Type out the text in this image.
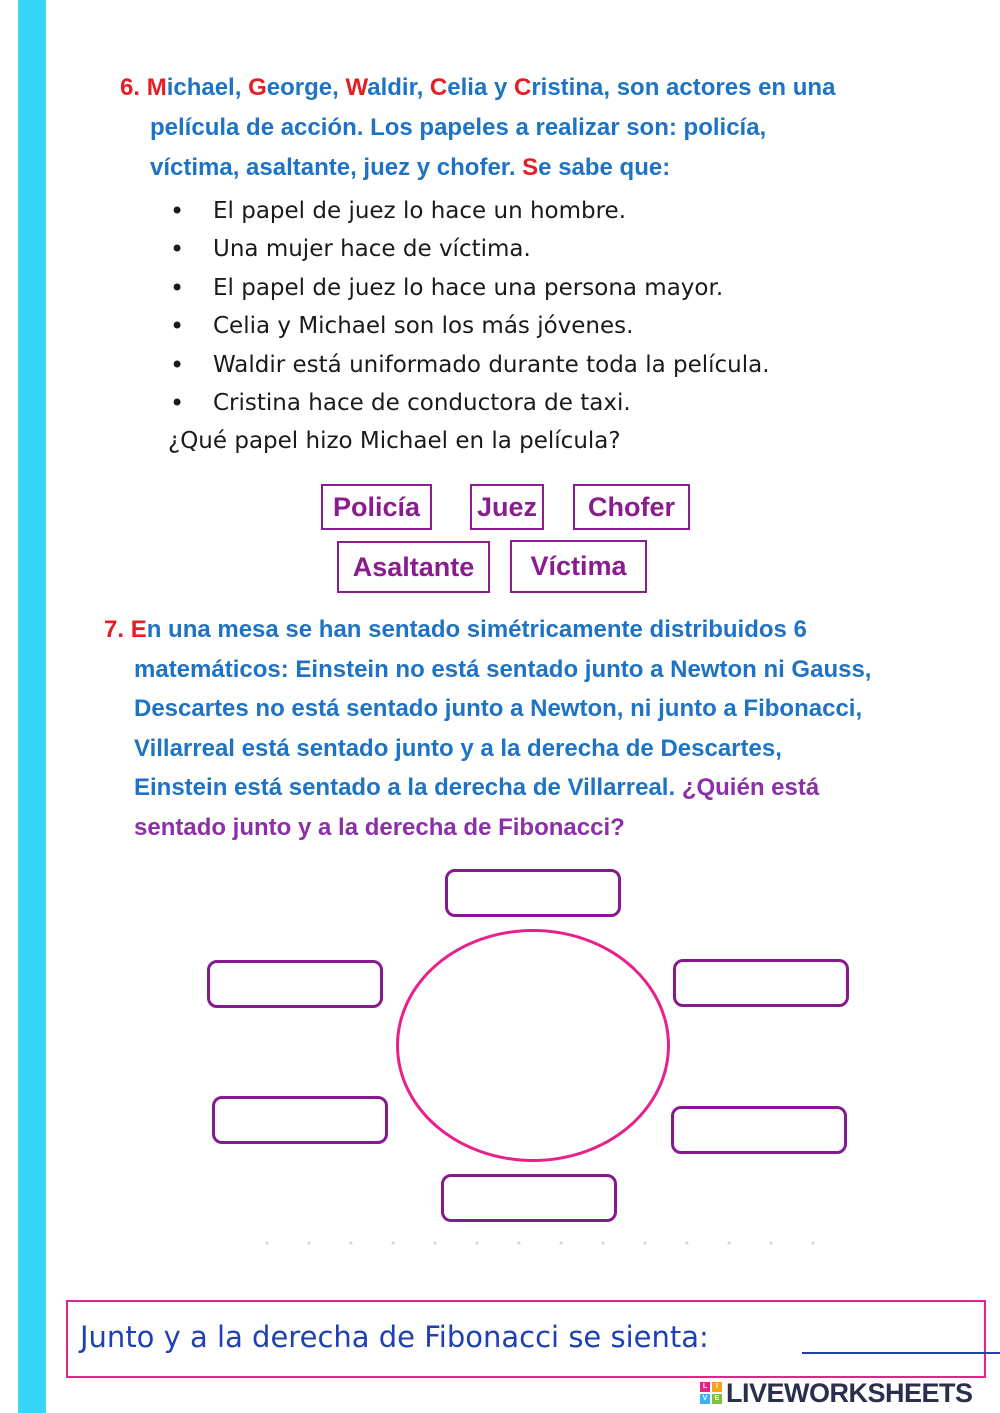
6. Michael, George, Waldir, Celia y Cristina, son actores en una
película de acción. Los papeles a realizar son: policía,
víctima, asaltante, juez y chofer. Se sabe que:
• El papel de juez lo hace un hombre.
• Una mujer hace de víctima.
• El papel de juez lo hace una persona mayor.
• Celia y Michael son los más jóvenes.
• Waldir está uniformado durante toda la película.
• Cristina hace de conductora de taxi.
¿Qué papel hizo Michael en la película?
Policía	Juez	Chofer
Asaltante	Víctima
7. En una mesa se han sentado simétricamente distribuidos 6
matemáticos: Einstein no está sentado junto a Newton ni Gauss,
Descartes no está sentado junto a Newton, ni junto a Fibonacci,
Villarreal está sentado junto y a la derecha de Descartes,
Einstein está sentado a la derecha de Villarreal. ¿Quién está
sentado junto y a la derecha de Fibonacci?
Junto y a la derecha de Fibonacci se sienta:
L	I
V	E LIVEWORKSHEETS
